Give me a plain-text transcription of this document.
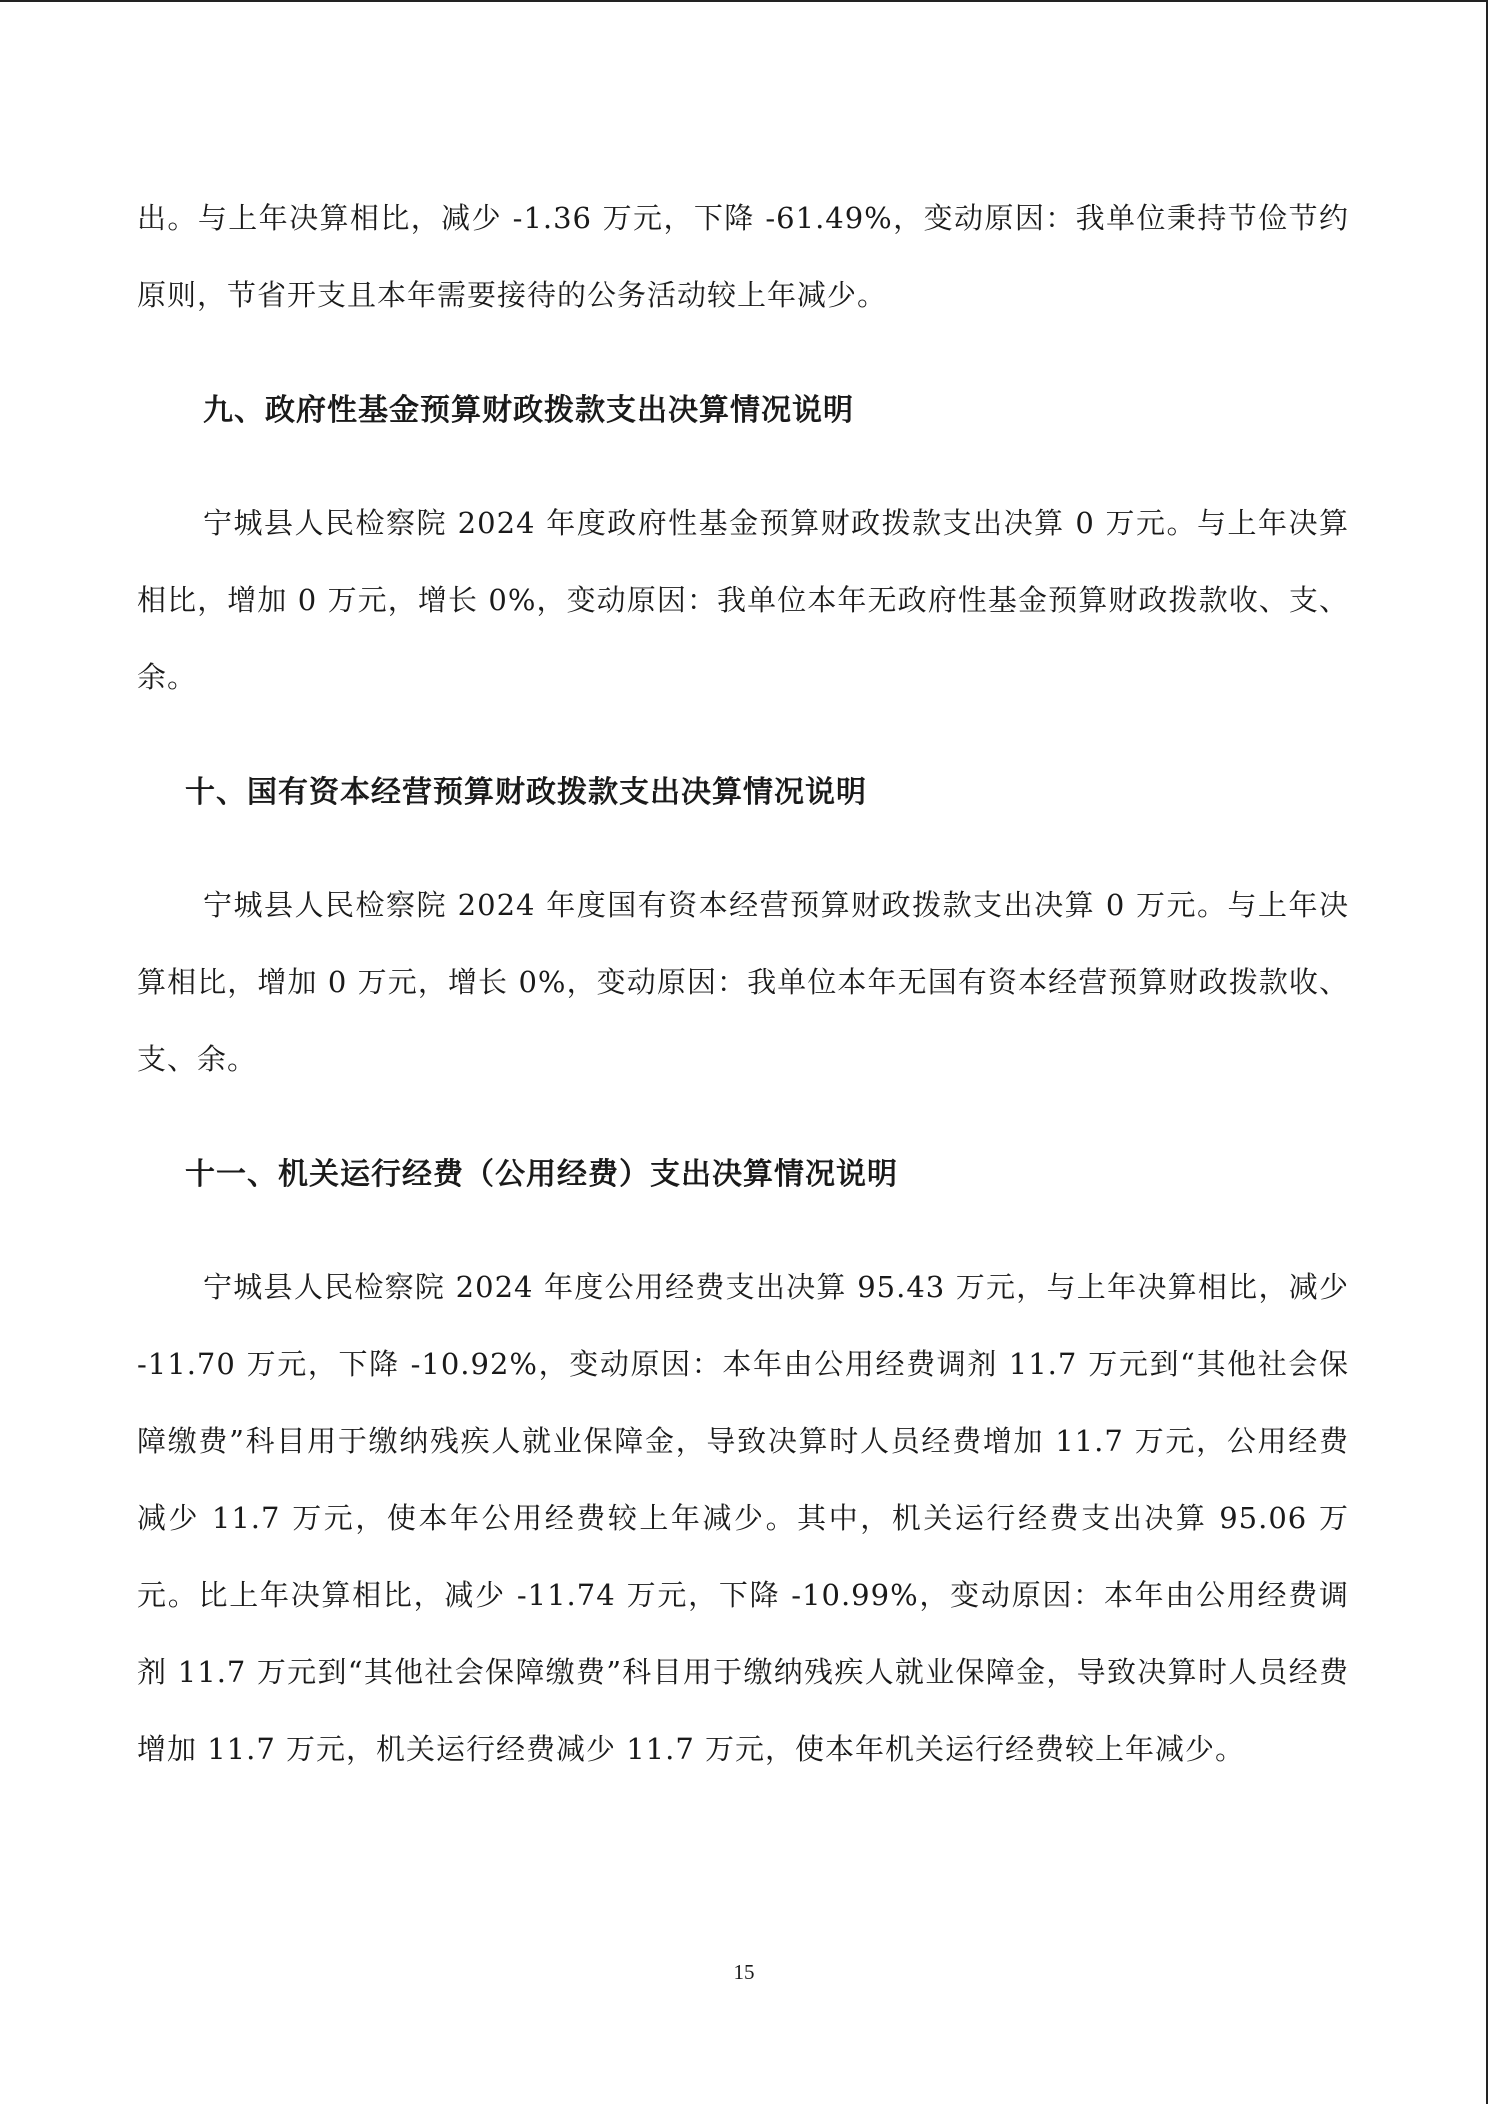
出。与上年决算相比，减少 -1.36 万元，下降 -61.49%，变动原因：我单位秉持节俭节约原则，节省开支且本年需要接待的公务活动较上年减少。

九、政府性基金预算财政拨款支出决算情况说明

宁城县人民检察院 2024 年度政府性基金预算财政拨款支出决算 0 万元。与上年决算相比，增加 0 万元，增长 0%，变动原因：我单位本年无政府性基金预算财政拨款收、支、余。

十、国有资本经营预算财政拨款支出决算情况说明

宁城县人民检察院 2024 年度国有资本经营预算财政拨款支出决算 0 万元。与上年决算相比，增加 0 万元，增长 0%，变动原因：我单位本年无国有资本经营预算财政拨款收、支、余。

十一、机关运行经费（公用经费）支出决算情况说明

宁城县人民检察院 2024 年度公用经费支出决算 95.43 万元，与上年决算相比，减少 -11.70 万元，下降 -10.92%，变动原因：本年由公用经费调剂 11.7 万元到“其他社会保障缴费”科目用于缴纳残疾人就业保障金，导致决算时人员经费增加 11.7 万元，公用经费减少 11.7 万元，使本年公用经费较上年减少。其中，机关运行经费支出决算 95.06 万元。比上年决算相比，减少 -11.74 万元，下降 -10.99%，变动原因：本年由公用经费调剂 11.7 万元到“其他社会保障缴费”科目用于缴纳残疾人就业保障金，导致决算时人员经费增加 11.7 万元，机关运行经费减少 11.7 万元，使本年机关运行经费较上年减少。

15
